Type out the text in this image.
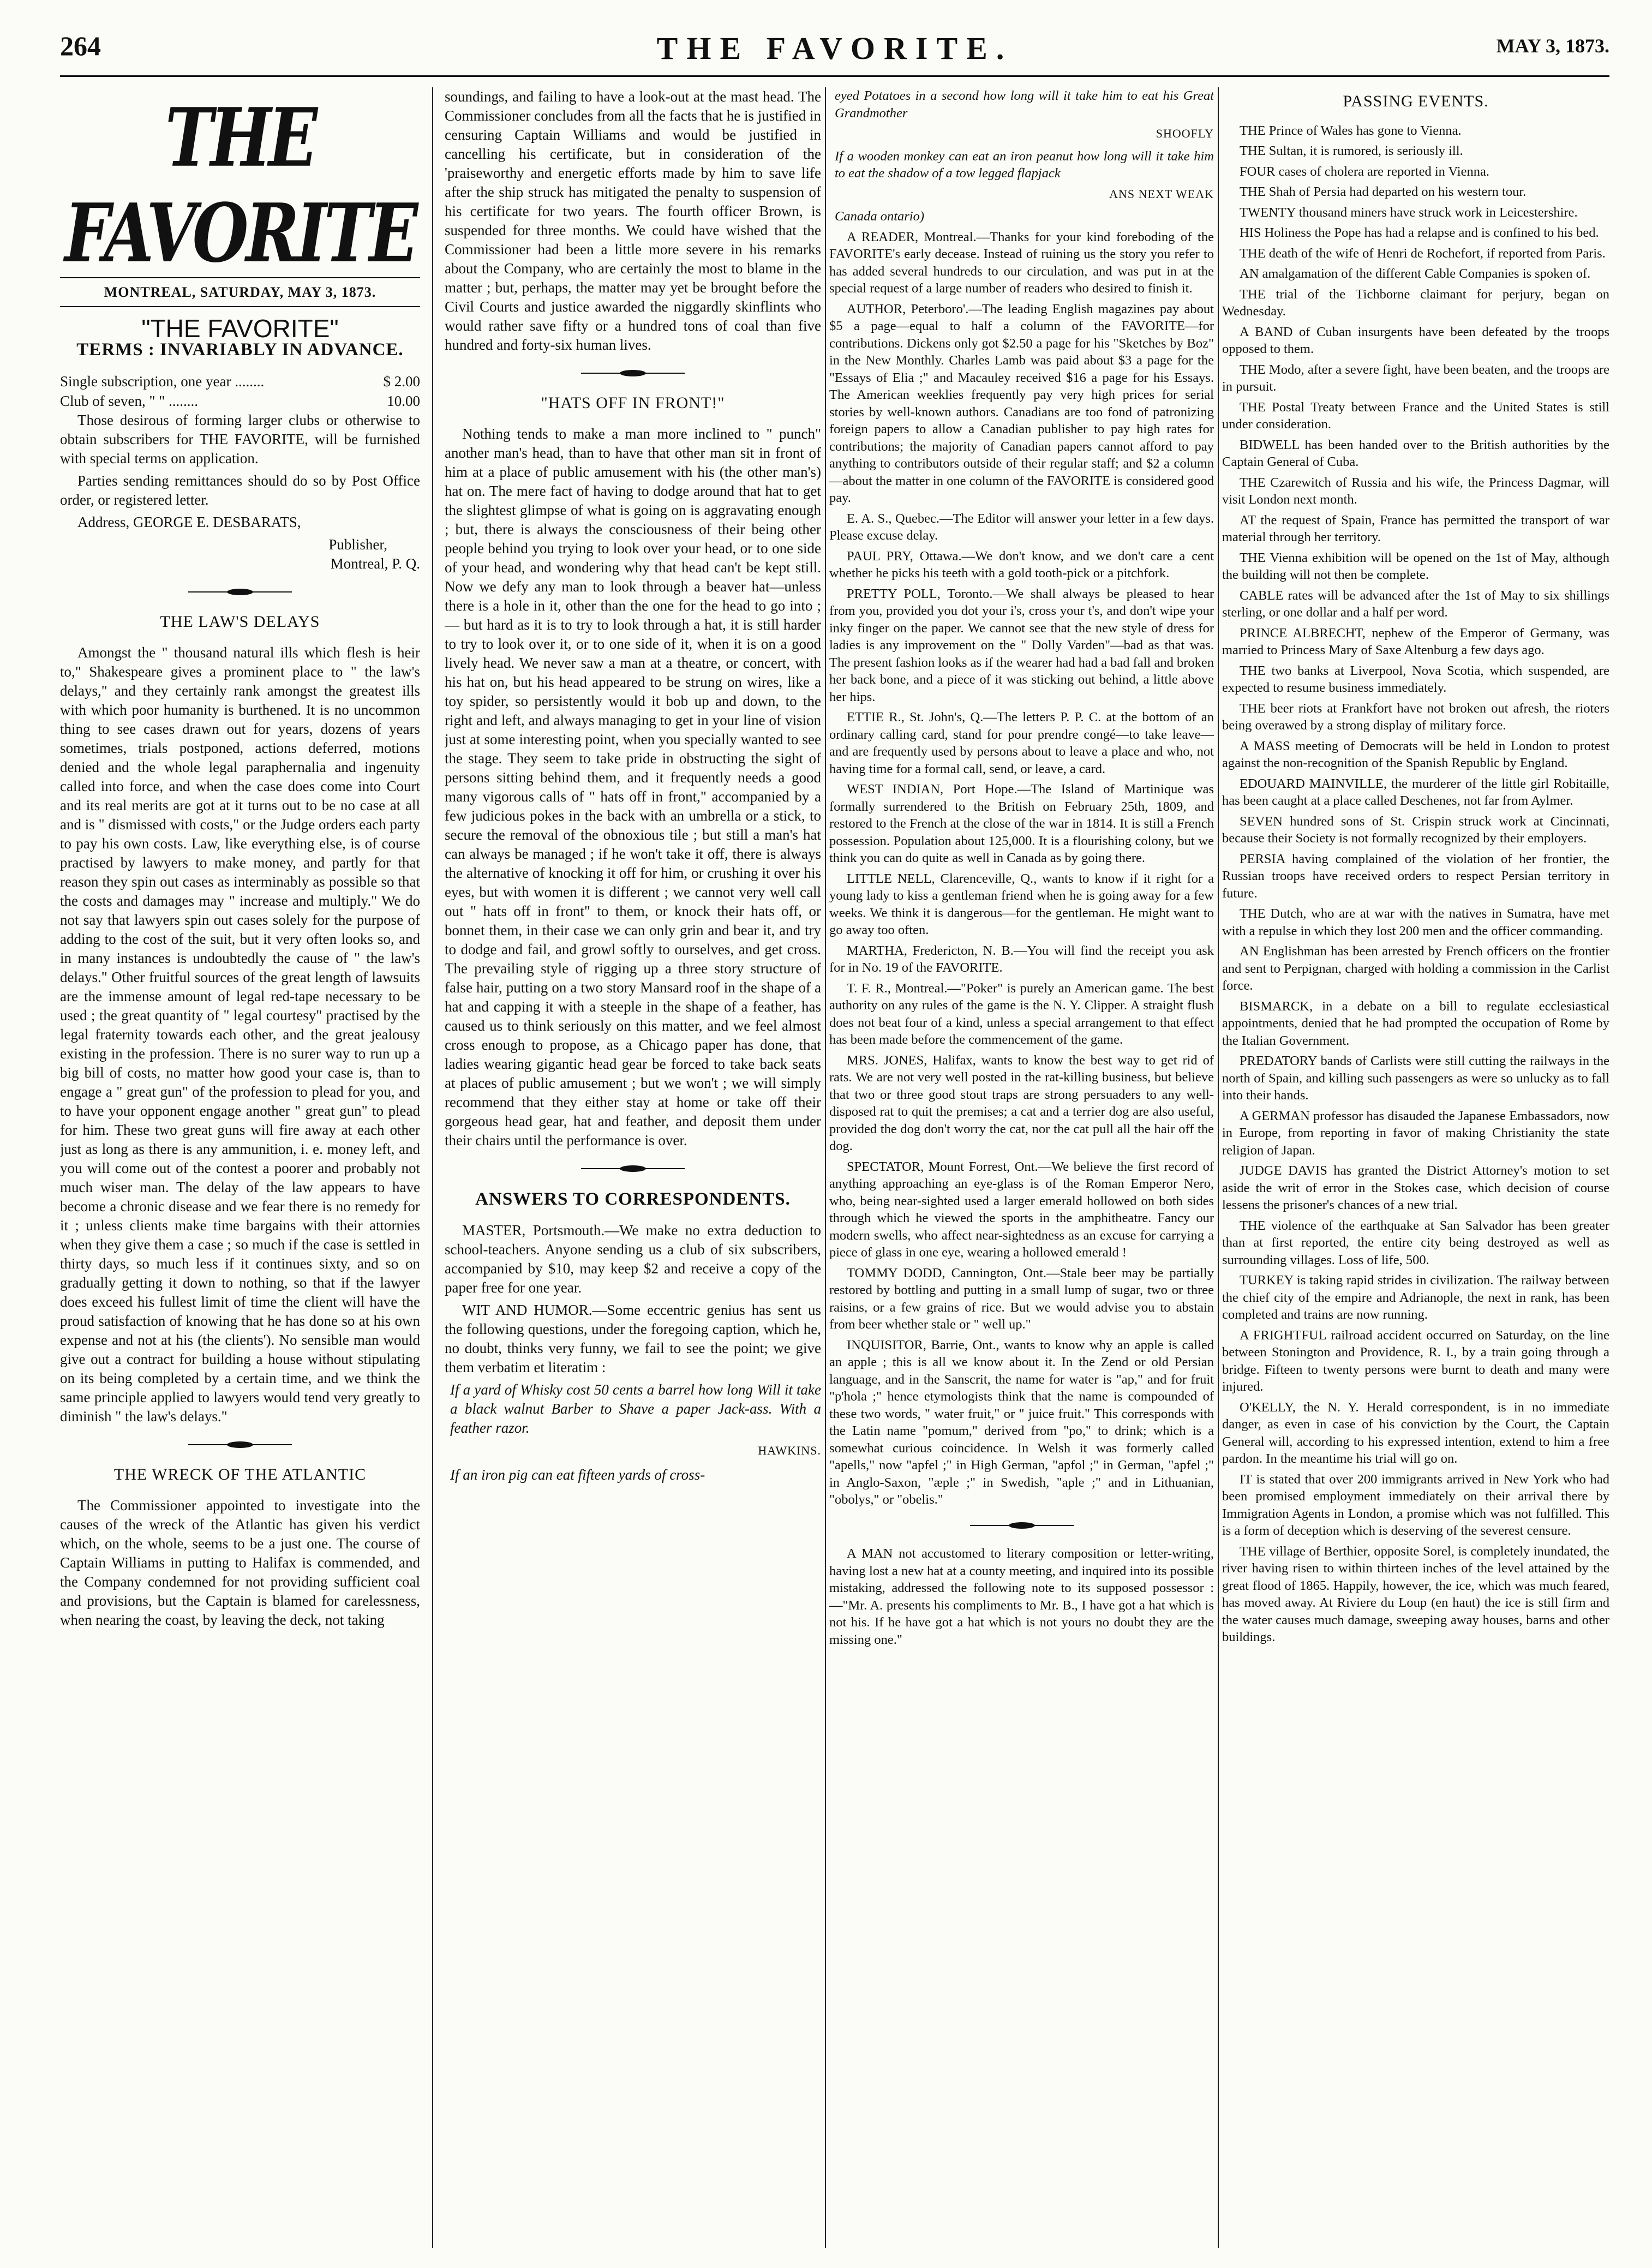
264	THE FAVORITE.	MAY 3, 1873.
THE FAVORITE
MONTREAL, SATURDAY, MAY 3, 1873.
"THE FAVORITE"
TERMS : INVARIABLY IN ADVANCE.
Single subscription, one year ........	$ 2.00
Club of seven, " " ........	10.00

Those desirous of forming larger clubs or otherwise to obtain subscribers for THE FAVORITE, will be furnished with special terms on application.

Parties sending remittances should do so by Post Office order, or registered letter.

Address, GEORGE E. DESBARATS,

Publisher,

Montreal, P. Q.

THE LAW'S DELAYS

Amongst the " thousand natural ills which flesh is heir to," Shakespeare gives a prominent place to " the law's delays," and they certainly rank amongst the greatest ills with which poor humanity is burthened. It is no uncommon thing to see cases drawn out for years, dozens of years sometimes, trials postponed, actions deferred, motions denied and the whole legal paraphernalia and ingenuity called into force, and when the case does come into Court and its real merits are got at it turns out to be no case at all and is " dismissed with costs," or the Judge orders each party to pay his own costs. Law, like everything else, is of course practised by lawyers to make money, and partly for that reason they spin out cases as interminably as possible so that the costs and damages may " increase and multiply." We do not say that lawyers spin out cases solely for the purpose of adding to the cost of the suit, but it very often looks so, and in many instances is undoubtedly the cause of " the law's delays." Other fruitful sources of the great length of lawsuits are the immense amount of legal red-tape necessary to be used ; the great quantity of " legal courtesy" practised by the legal fraternity towards each other, and the great jealousy existing in the profession. There is no surer way to run up a big bill of costs, no matter how good your case is, than to engage a " great gun" of the profession to plead for you, and to have your opponent engage another " great gun" to plead for him. These two great guns will fire away at each other just as long as there is any ammunition, i. e. money left, and you will come out of the contest a poorer and probably not much wiser man. The delay of the law appears to have become a chronic disease and we fear there is no remedy for it ; unless clients make time bargains with their attornies when they give them a case ; so much if the case is settled in thirty days, so much less if it continues sixty, and so on gradually getting it down to nothing, so that if the lawyer does exceed his fullest limit of time the client will have the proud satisfaction of knowing that he has done so at his own expense and not at his (the clients'). No sensible man would give out a contract for building a house without stipulating on its being completed by a certain time, and we think the same principle applied to lawyers would tend very greatly to diminish " the law's delays."

THE WRECK OF THE ATLANTIC

The Commissioner appointed to investigate into the causes of the wreck of the Atlantic has given his verdict which, on the whole, seems to be a just one. The course of Captain Williams in putting to Halifax is commended, and the Company condemned for not providing sufficient coal and provisions, but the Captain is blamed for carelessness, when nearing the coast, by leaving the deck, not taking

soundings, and failing to have a look-out at the mast head. The Commissioner concludes from all the facts that he is justified in censuring Captain Williams and would be justified in cancelling his certificate, but in consideration of the 'praiseworthy and energetic efforts made by him to save life after the ship struck has mitigated the penalty to suspension of his certificate for two years. The fourth officer Brown, is suspended for three months. We could have wished that the Commissioner had been a little more severe in his remarks about the Company, who are certainly the most to blame in the matter ; but, perhaps, the matter may yet be brought before the Civil Courts and justice awarded the niggardly skinflints who would rather save fifty or a hundred tons of coal than five hundred and forty-six human lives.

"HATS OFF IN FRONT!"

Nothing tends to make a man more inclined to " punch" another man's head, than to have that other man sit in front of him at a place of public amusement with his (the other man's) hat on. The mere fact of having to dodge around that hat to get the slightest glimpse of what is going on is aggravating enough ; but, there is always the consciousness of their being other people behind you trying to look over your head, or to one side of your head, and wondering why that head can't be kept still. Now we defy any man to look through a beaver hat—unless there is a hole in it, other than the one for the head to go into ;— but hard as it is to try to look through a hat, it is still harder to try to look over it, or to one side of it, when it is on a good lively head. We never saw a man at a theatre, or concert, with his hat on, but his head appeared to be strung on wires, like a toy spider, so persistently would it bob up and down, to the right and left, and always managing to get in your line of vision just at some interesting point, when you specially wanted to see the stage. They seem to take pride in obstructing the sight of persons sitting behind them, and it frequently needs a good many vigorous calls of " hats off in front," accompanied by a few judicious pokes in the back with an umbrella or a stick, to secure the removal of the obnoxious tile ; but still a man's hat can always be managed ; if he won't take it off, there is always the alternative of knocking it off for him, or crushing it over his eyes, but with women it is different ; we cannot very well call out " hats off in front" to them, or knock their hats off, or bonnet them, in their case we can only grin and bear it, and try to dodge and fail, and growl softly to ourselves, and get cross. The prevailing style of rigging up a three story structure of false hair, putting on a two story Mansard roof in the shape of a hat and capping it with a steeple in the shape of a feather, has caused us to think seriously on this matter, and we feel almost cross enough to propose, as a Chicago paper has done, that ladies wearing gigantic head gear be forced to take back seats at places of public amusement ; but we won't ; we will simply recommend that they either stay at home or take off their gorgeous head gear, hat and feather, and deposit them under their chairs until the performance is over.

ANSWERS TO CORRESPONDENTS.

MASTER, Portsmouth.—We make no extra deduction to school-teachers. Anyone sending us a club of six subscribers, accompanied by $10, may keep $2 and receive a copy of the paper free for one year.

WIT AND HUMOR.—Some eccentric genius has sent us the following questions, under the foregoing caption, which he, no doubt, thinks very funny, we fail to see the point; we give them verbatim et literatim :

If a yard of Whisky cost 50 cents a barrel how long Will it take a black walnut Barber to Shave a paper Jack-ass. With a feather razor.

HAWKINS.

If an iron pig can eat fifteen yards of cross-

eyed Potatoes in a second how long will it take him to eat his Great Grandmother

SHOOFLY

If a wooden monkey can eat an iron peanut how long will it take him to eat the shadow of a tow legged flapjack

ANS NEXT WEAK

Canada ontario)

A READER, Montreal.—Thanks for your kind foreboding of the FAVORITE's early decease. Instead of ruining us the story you refer to has added several hundreds to our circulation, and was put in at the special request of a large number of readers who desired to finish it.

AUTHOR, Peterboro'.—The leading English magazines pay about $5 a page—equal to half a column of the FAVORITE—for contributions. Dickens only got $2.50 a page for his "Sketches by Boz" in the New Monthly. Charles Lamb was paid about $3 a page for the "Essays of Elia ;" and Macauley received $16 a page for his Essays. The American weeklies frequently pay very high prices for serial stories by well-known authors. Canadians are too fond of patronizing foreign papers to allow a Canadian publisher to pay high rates for contributions; the majority of Canadian papers cannot afford to pay anything to contributors outside of their regular staff; and $2 a column—about the matter in one column of the FAVORITE is considered good pay.

E. A. S., Quebec.—The Editor will answer your letter in a few days. Please excuse delay.

PAUL PRY, Ottawa.—We don't know, and we don't care a cent whether he picks his teeth with a gold tooth-pick or a pitchfork.

PRETTY POLL, Toronto.—We shall always be pleased to hear from you, provided you dot your i's, cross your t's, and don't wipe your inky finger on the paper. We cannot see that the new style of dress for ladies is any improvement on the " Dolly Varden"—bad as that was. The present fashion looks as if the wearer had had a bad fall and broken her back bone, and a piece of it was sticking out behind, a little above her hips.

ETTIE R., St. John's, Q.—The letters P. P. C. at the bottom of an ordinary calling card, stand for pour prendre congé—to take leave—and are frequently used by persons about to leave a place and who, not having time for a formal call, send, or leave, a card.

WEST INDIAN, Port Hope.—The Island of Martinique was formally surrendered to the British on February 25th, 1809, and restored to the French at the close of the war in 1814. It is still a French possession. Population about 125,000. It is a flourishing colony, but we think you can do quite as well in Canada as by going there.

LITTLE NELL, Clarenceville, Q., wants to know if it right for a young lady to kiss a gentleman friend when he is going away for a few weeks. We think it is dangerous—for the gentleman. He might want to go away too often.

MARTHA, Fredericton, N. B.—You will find the receipt you ask for in No. 19 of the FAVORITE.

T. F. R., Montreal.—"Poker" is purely an American game. The best authority on any rules of the game is the N. Y. Clipper. A straight flush does not beat four of a kind, unless a special arrangement to that effect has been made before the commencement of the game.

MRS. JONES, Halifax, wants to know the best way to get rid of rats. We are not very well posted in the rat-killing business, but believe that two or three good stout traps are strong persuaders to any well-disposed rat to quit the premises; a cat and a terrier dog are also useful, provided the dog don't worry the cat, nor the cat pull all the hair off the dog.

SPECTATOR, Mount Forrest, Ont.—We believe the first record of anything approaching an eye-glass is of the Roman Emperor Nero, who, being near-sighted used a larger emerald hollowed on both sides through which he viewed the sports in the amphitheatre. Fancy our modern swells, who affect near-sightedness as an excuse for carrying a piece of glass in one eye, wearing a hollowed emerald !

TOMMY DODD, Cannington, Ont.—Stale beer may be partially restored by bottling and putting in a small lump of sugar, two or three raisins, or a few grains of rice. But we would advise you to abstain from beer whether stale or " well up."

INQUISITOR, Barrie, Ont., wants to know why an apple is called an apple ; this is all we know about it. In the Zend or old Persian language, and in the Sanscrit, the name for water is "ap," and for fruit "p'hola ;" hence etymologists think that the name is compounded of these two words, " water fruit," or " juice fruit." This corresponds with the Latin name "pomum," derived from "po," to drink; which is a somewhat curious coincidence. In Welsh it was formerly called "apells," now "apfel ;" in High German, "apfol ;" in German, "apfel ;" in Anglo-Saxon, "æple ;" in Swedish, "aple ;" and in Lithuanian, "obolys," or "obelis."

A MAN not accustomed to literary composition or letter-writing, having lost a new hat at a county meeting, and inquired into its possible mistaking, addressed the following note to its supposed possessor :—"Mr. A. presents his compliments to Mr. B., I have got a hat which is not his. If he have got a hat which is not yours no doubt they are the missing one."

PASSING EVENTS.

THE Prince of Wales has gone to Vienna.

THE Sultan, it is rumored, is seriously ill.

FOUR cases of cholera are reported in Vienna.

THE Shah of Persia had departed on his western tour.

TWENTY thousand miners have struck work in Leicestershire.

HIS Holiness the Pope has had a relapse and is confined to his bed.

THE death of the wife of Henri de Rochefort, if reported from Paris.

AN amalgamation of the different Cable Companies is spoken of.

THE trial of the Tichborne claimant for perjury, began on Wednesday.

A BAND of Cuban insurgents have been defeated by the troops opposed to them.

THE Modo, after a severe fight, have been beaten, and the troops are in pursuit.

THE Postal Treaty between France and the United States is still under consideration.

BIDWELL has been handed over to the British authorities by the Captain General of Cuba.

THE Czarewitch of Russia and his wife, the Princess Dagmar, will visit London next month.

AT the request of Spain, France has permitted the transport of war material through her territory.

THE Vienna exhibition will be opened on the 1st of May, although the building will not then be complete.

CABLE rates will be advanced after the 1st of May to six shillings sterling, or one dollar and a half per word.

PRINCE ALBRECHT, nephew of the Emperor of Germany, was married to Princess Mary of Saxe Altenburg a few days ago.

THE two banks at Liverpool, Nova Scotia, which suspended, are expected to resume business immediately.

THE beer riots at Frankfort have not broken out afresh, the rioters being overawed by a strong display of military force.

A MASS meeting of Democrats will be held in London to protest against the non-recognition of the Spanish Republic by England.

EDOUARD MAINVILLE, the murderer of the little girl Robitaille, has been caught at a place called Deschenes, not far from Aylmer.

SEVEN hundred sons of St. Crispin struck work at Cincinnati, because their Society is not formally recognized by their employers.

PERSIA having complained of the violation of her frontier, the Russian troops have received orders to respect Persian territory in future.

THE Dutch, who are at war with the natives in Sumatra, have met with a repulse in which they lost 200 men and the officer commanding.

AN Englishman has been arrested by French officers on the frontier and sent to Perpignan, charged with holding a commission in the Carlist force.

BISMARCK, in a debate on a bill to regulate ecclesiastical appointments, denied that he had prompted the occupation of Rome by the Italian Government.

PREDATORY bands of Carlists were still cutting the railways in the north of Spain, and killing such passengers as were so unlucky as to fall into their hands.

A GERMAN professor has disauded the Japanese Embassadors, now in Europe, from reporting in favor of making Christianity the state religion of Japan.

JUDGE DAVIS has granted the District Attorney's motion to set aside the writ of error in the Stokes case, which decision of course lessens the prisoner's chances of a new trial.

THE violence of the earthquake at San Salvador has been greater than at first reported, the entire city being destroyed as well as surrounding villages. Loss of life, 500.

TURKEY is taking rapid strides in civilization. The railway between the chief city of the empire and Adrianople, the next in rank, has been completed and trains are now running.

A FRIGHTFUL railroad accident occurred on Saturday, on the line between Stonington and Providence, R. I., by a train going through a bridge. Fifteen to twenty persons were burnt to death and many were injured.

O'KELLY, the N. Y. Herald correspondent, is in no immediate danger, as even in case of his conviction by the Court, the Captain General will, according to his expressed intention, extend to him a free pardon. In the meantime his trial will go on.

IT is stated that over 200 immigrants arrived in New York who had been promised employment immediately on their arrival there by Immigration Agents in London, a promise which was not fulfilled. This is a form of deception which is deserving of the severest censure.

THE village of Berthier, opposite Sorel, is completely inundated, the river having risen to within thirteen inches of the level attained by the great flood of 1865. Happily, however, the ice, which was much feared, has moved away. At Riviere du Loup (en haut) the ice is still firm and the water causes much damage, sweeping away houses, barns and other buildings.
